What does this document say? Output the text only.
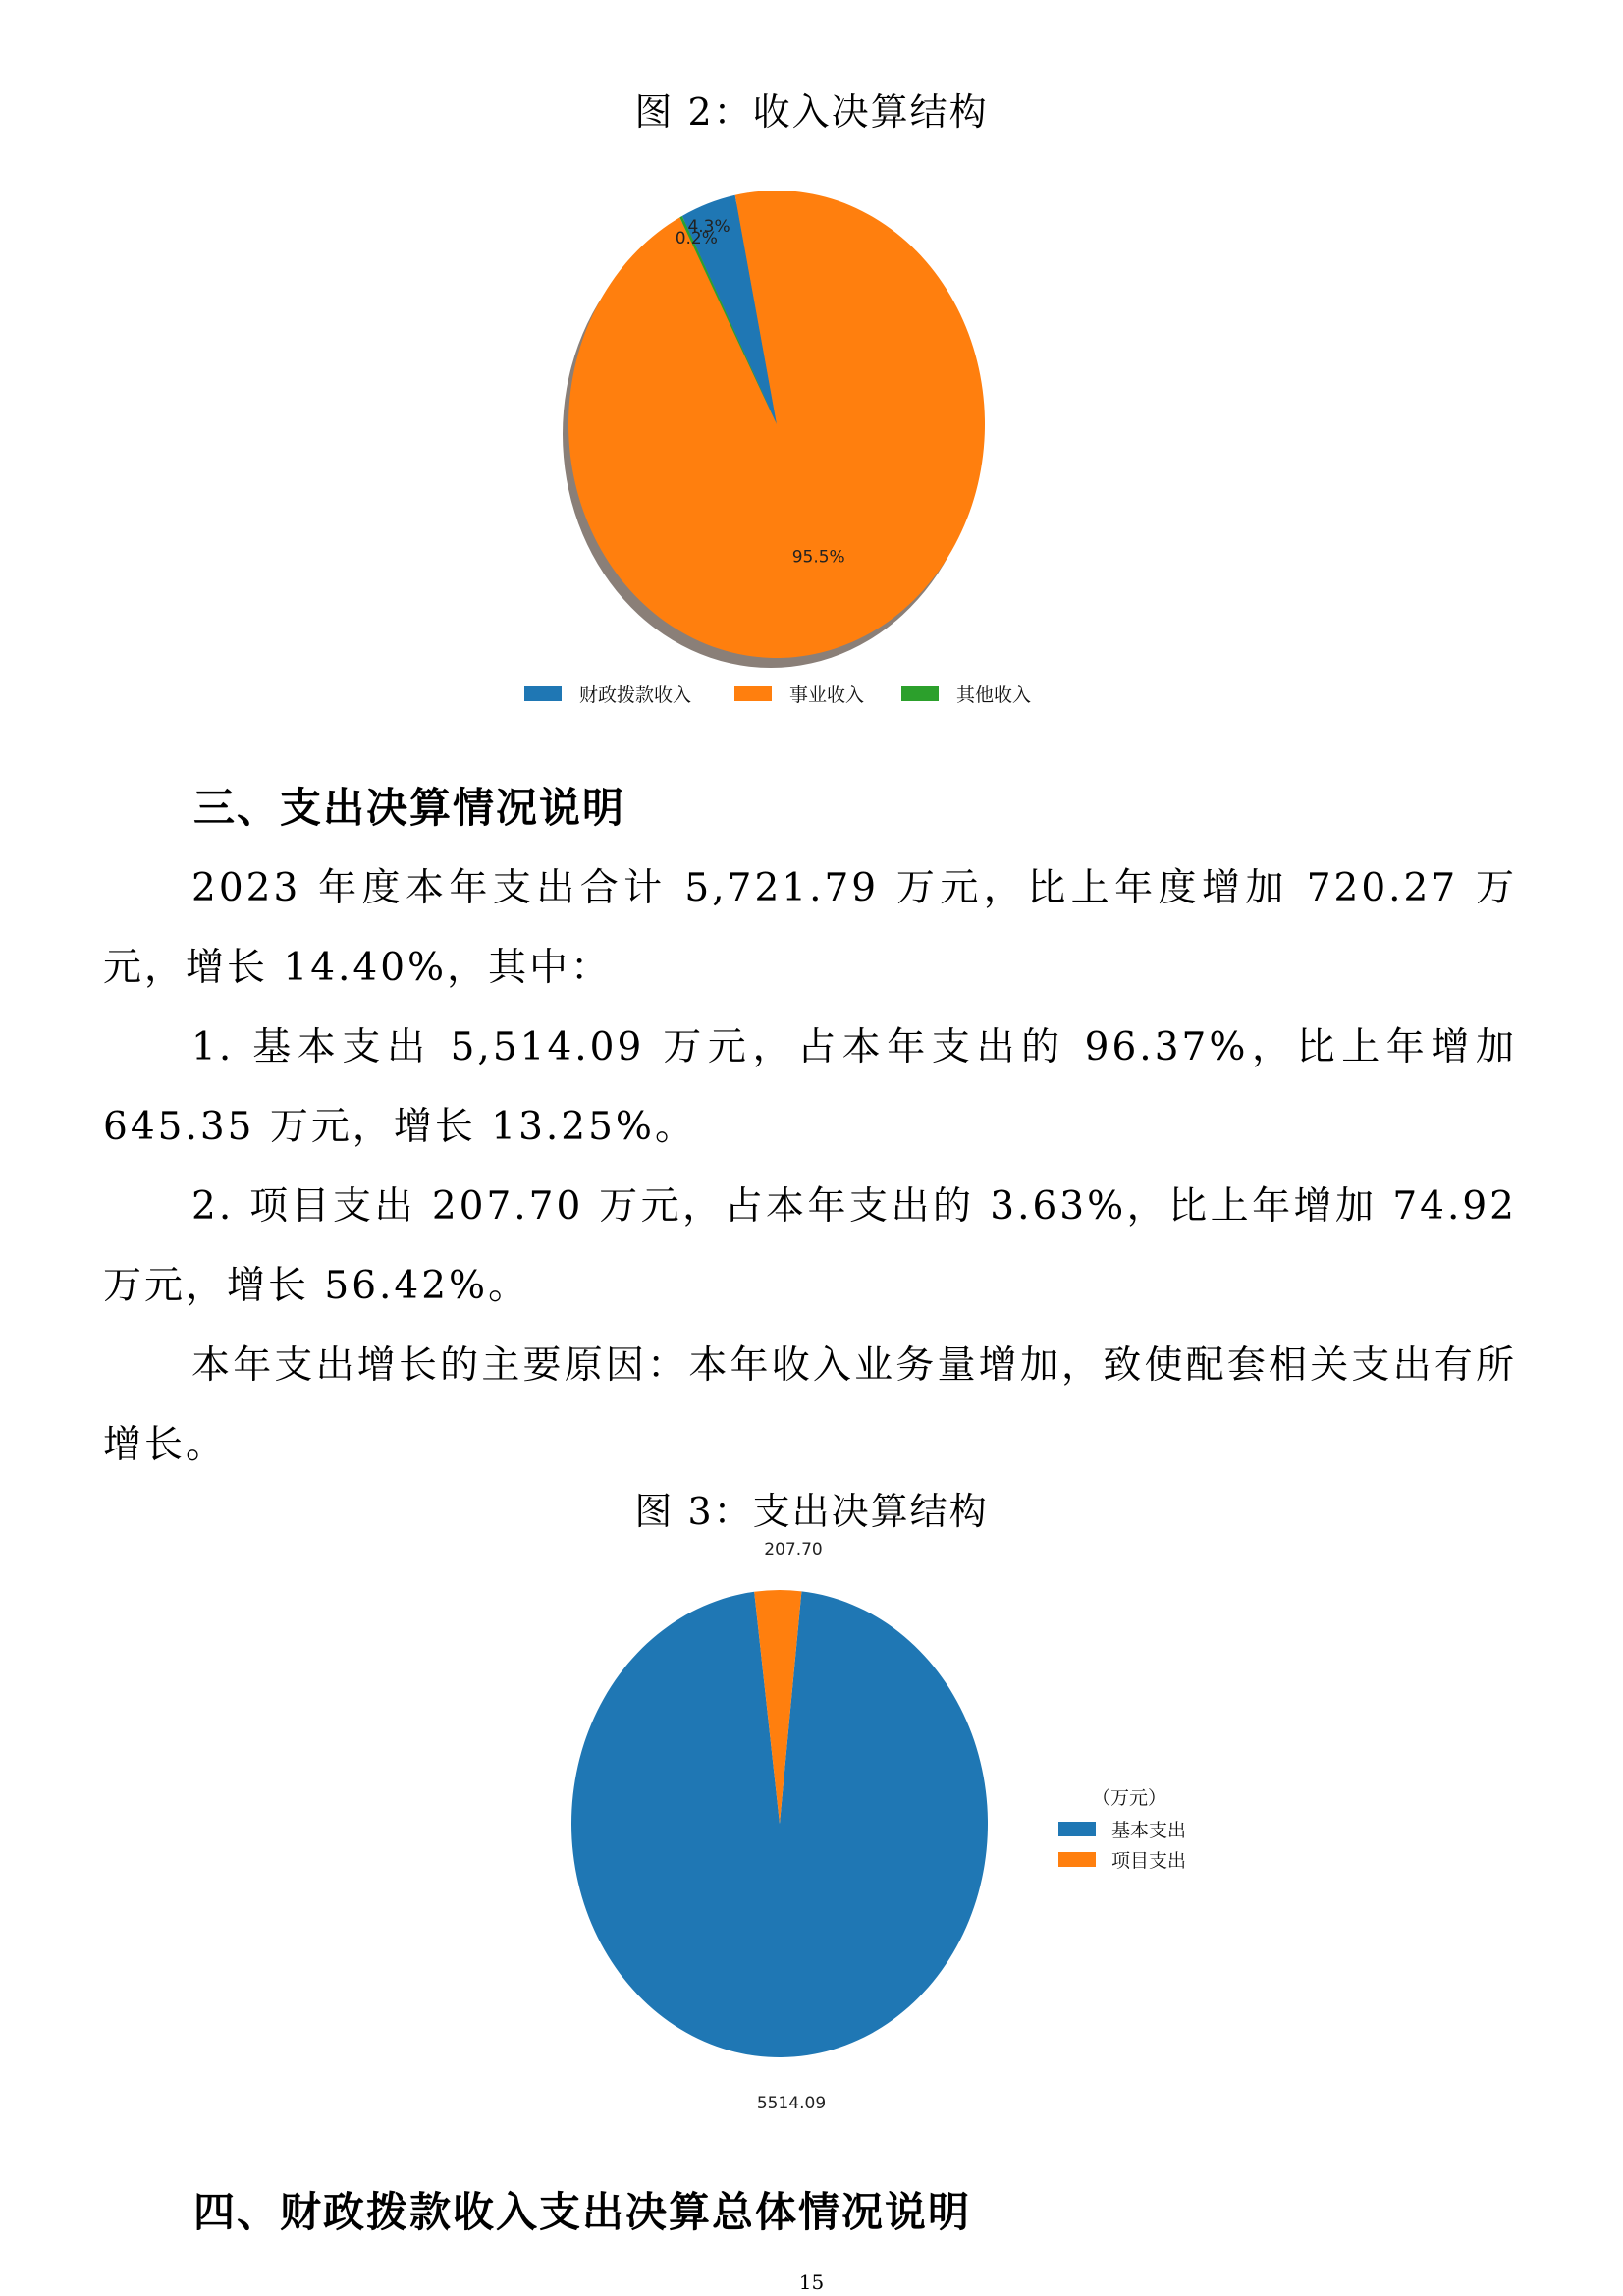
图 2：收入决算结构
4.3%
95.5%
0.2%
财政拨款收入	事业收入	其他收入
三、支出决算情况说明

2023 年度本年支出合计 5,721.79 万元，比上年度增加 720.27 万元，增长 14.40%，其中：

1. 基本支出 5,514.09 万元，占本年支出的 96.37%，比上年增加 645.35 万元，增长 13.25%。

2. 项目支出 207.70 万元，占本年支出的 3.63%，比上年增加 74.92 万元，增长 56.42%。

本年支出增长的主要原因：本年收入业务量增加，致使配套相关支出有所增长。

图 3：支出决算结构
207.70
5514.09
（万元）
基本支出
项目支出
四、财政拨款收入支出决算总体情况说明
15
